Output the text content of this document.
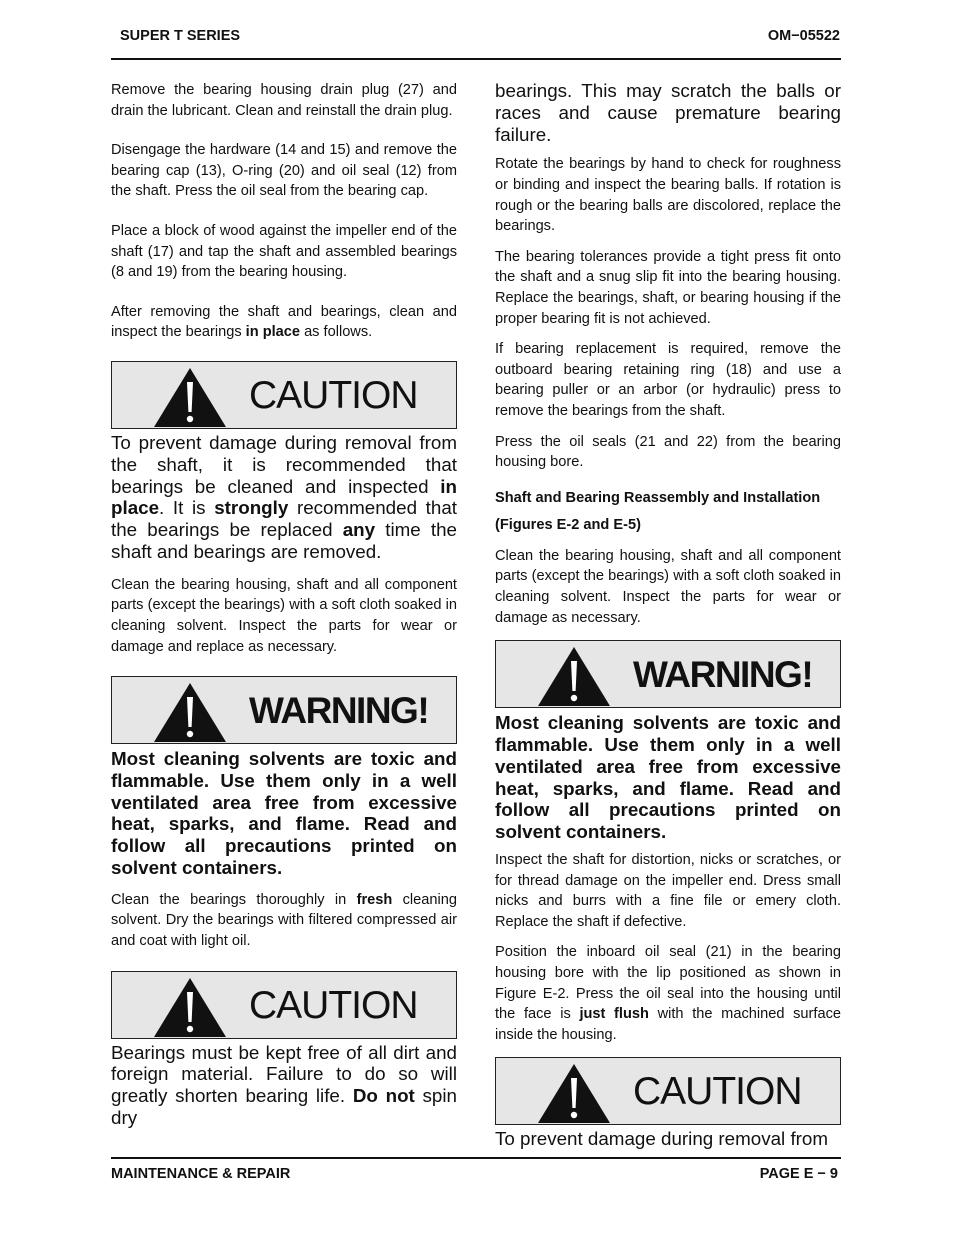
SUPER T SERIES	OM−05522

Remove the bearing housing drain plug (27) and drain the lubricant. Clean and reinstall the drain plug.

Disengage the hardware (14 and 15) and remove the bearing cap (13), O-ring (20) and oil seal (12) from the shaft. Press the oil seal from the bearing cap.

Place a block of wood against the impeller end of the shaft (17) and tap the shaft and assembled bearings (8 and 19) from the bearing housing.

After removing the shaft and bearings, clean and inspect the bearings in place as follows.

CAUTION

To prevent damage during removal from the shaft, it is recommended that bearings be cleaned and inspected in place. It is strongly recommended that the bearings be replaced any time the shaft and bearings are removed.

Clean the bearing housing, shaft and all component parts (except the bearings) with a soft cloth soaked in cleaning solvent. Inspect the parts for wear or damage and replace as necessary.

WARNING!

Most cleaning solvents are toxic and flammable. Use them only in a well ventilated area free from excessive heat, sparks, and flame. Read and follow all precautions printed on solvent containers.

Clean the bearings thoroughly in fresh cleaning solvent. Dry the bearings with filtered compressed air and coat with light oil.

CAUTION

Bearings must be kept free of all dirt and foreign material. Failure to do so will greatly shorten bearing life. Do not spin dry

bearings. This may scratch the balls or races and cause premature bearing failure.

Rotate the bearings by hand to check for roughness or binding and inspect the bearing balls. If rotation is rough or the bearing balls are discolored, replace the bearings.

The bearing tolerances provide a tight press fit onto the shaft and a snug slip fit into the bearing housing. Replace the bearings, shaft, or bearing housing if the proper bearing fit is not achieved.

If bearing replacement is required, remove the outboard bearing retaining ring (18) and use a bearing puller or an arbor (or hydraulic) press to remove the bearings from the shaft.

Press the oil seals (21 and 22) from the bearing housing bore.

Shaft and Bearing Reassembly and Installation

(Figures E-2 and E-5)

Clean the bearing housing, shaft and all component parts (except the bearings) with a soft cloth soaked in cleaning solvent. Inspect the parts for wear or damage as necessary.

WARNING!

Most cleaning solvents are toxic and flammable. Use them only in a well ventilated area free from excessive heat, sparks, and flame. Read and follow all precautions printed on solvent containers.

Inspect the shaft for distortion, nicks or scratches, or for thread damage on the impeller end. Dress small nicks and burrs with a fine file or emery cloth. Replace the shaft if defective.

Position the inboard oil seal (21) in the bearing housing bore with the lip positioned as shown in Figure E-2. Press the oil seal into the housing until the face is just flush with the machined surface inside the housing.

CAUTION

To prevent damage during removal from

MAINTENANCE & REPAIR	PAGE E − 9
